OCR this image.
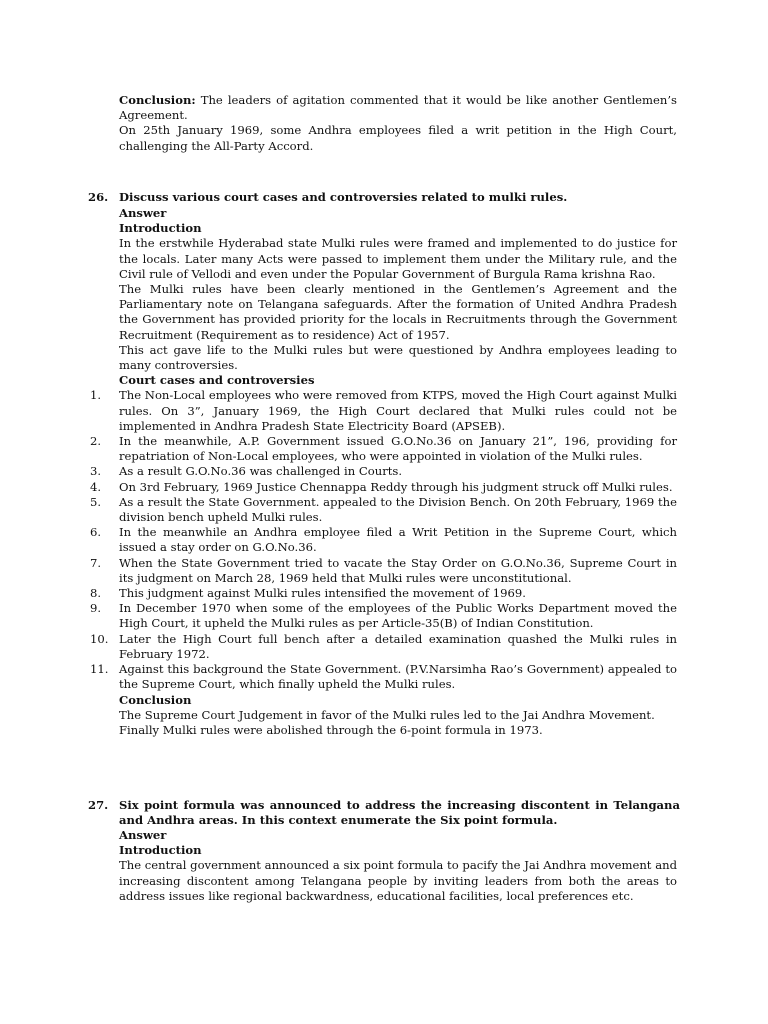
Conclusion: The leaders of agitation commented that it would be like another Gentlemen’s Agreement.

On 25th January 1969, some Andhra employees filed a writ petition in the High Court, challenging the All-Party Accord.

26. Discuss various court cases and controversies related to mulki rules.

Answer

Introduction

In the erstwhile Hyderabad state Mulki rules were framed and implemented to do justice for the locals. Later many Acts were passed to implement them under the Military rule, and the Civil rule of Vellodi and even under the Popular Government of Burgula Rama krishna Rao.

The Mulki rules have been clearly mentioned in the Gentlemen’s Agreement and the Parliamentary note on Telangana safeguards. After the formation of United Andhra Pradesh the Government has provided priority for the locals in Recruitments through the Government Recruitment (Requirement as to residence) Act of 1957.

This act gave life to the Mulki rules but were questioned by Andhra employees leading to many controversies.

Court cases and controversies

1. The Non-Local employees who were removed from KTPS, moved the High Court against Mulki rules. On 3”, January 1969, the High Court declared that Mulki rules could not be implemented in Andhra Pradesh State Electricity Board (APSEB).
2. In the meanwhile, A.P. Government issued G.O.No.36 on January 21”, 196, providing for repatriation of Non-Local employees, who were appointed in violation of the Mulki rules.
3. As a result G.O.No.36 was challenged in Courts.
4. On 3rd February, 1969 Justice Chennappa Reddy through his judgment struck off Mulki rules.
5. As a result the State Government. appealed to the Division Bench. On 20th February, 1969 the division bench upheld Mulki rules.
6. In the meanwhile an Andhra employee filed a Writ Petition in the Supreme Court, which issued a stay order on G.O.No.36.
7. When the State Government tried to vacate the Stay Order on G.O.No.36, Supreme Court in its judgment on March 28, 1969 held that Mulki rules were unconstitutional.
8. This judgment against Mulki rules intensified the movement of 1969.
9. In December 1970 when some of the employees of the Public Works Department moved the High Court, it upheld the Mulki rules as per Article-35(B) of Indian Constitution.
10. Later the High Court full bench after a detailed examination quashed the Mulki rules in February 1972.
11. Against this background the State Government. (P.V.Narsimha Rao’s Government) appealed to the Supreme Court, which finally upheld the Mulki rules.

Conclusion

The Supreme Court Judgement in favor of the Mulki rules led to the Jai Andhra Movement.

Finally Mulki rules were abolished through the 6-point formula in 1973.

27. Six point formula was announced to address the increasing discontent in Telangana and Andhra areas. In this context enumerate the Six point formula.

Answer

Introduction

The central government announced a six point formula to pacify the Jai Andhra movement and increasing discontent among Telangana people by inviting leaders from both the areas to address issues like regional backwardness, educational facilities, local preferences etc.
